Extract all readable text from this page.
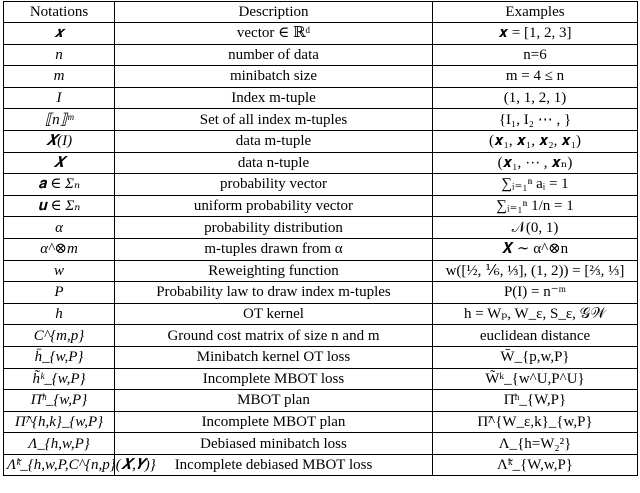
Notations	Description	Examples
𝒙	vector ∈ ℝᵈ	𝒙 = [1, 2, 3]
n	number of data	n=6
m	minibatch size	m = 4 ≤ n
I	Index m-tuple	(1, 1, 2, 1)
⟦n⟧ᵐ	Set of all index m-tuples	{I₁, I₂ ⋯ , }
𝑿(I)	data m-tuple	(𝒙₁, 𝒙₁, 𝒙₂, 𝒙₁)
𝑿	data n-tuple	(𝒙₁, ⋯ , 𝒙ₙ)
𝐚 ∈ Σₙ	probability vector	∑ᵢ₌₁ⁿ aᵢ = 1
𝐮 ∈ Σₙ	uniform probability vector	∑ᵢ₌₁ⁿ 1/n = 1
α	probability distribution	𝒩(0, 1)
α^⊗m	m-tuples drawn from α	𝑿 ∼ α^⊗n
w	Reweighting function	w([½, ⅙, ⅓], (1, 2)) = [⅔, ⅓]
P	Probability law to draw index m-tuples	P(I) = n⁻ᵐ
h	OT kernel	h = Wₚ, W_ε, S_ε, 𝒢𝒲
C^{m,p}	Ground cost matrix of size n and m	euclidean distance
h̄_{w,P}	Minibatch kernel OT loss	W̄_{p,w,P}
h̃ᵏ_{w,P}	Incomplete MBOT loss	W̃ᵏ_{w^U,P^U}
Π̄ʰ_{w,P}	MBOT plan	Π̄ʰ_{W,P}
Π̃^{h,k}_{w,P}	Incomplete MBOT plan	Π̃^{W_ε,k}_{w,P}
Λ_{h,w,P}	Debiased minibatch loss	Λ_{h=W₂²}
Λ̃ᵏ_{h,w,P,C^{n,p}(𝑿,𝒀)}	Incomplete debiased MBOT loss	Λ̃ᵏ_{W,w,P}
